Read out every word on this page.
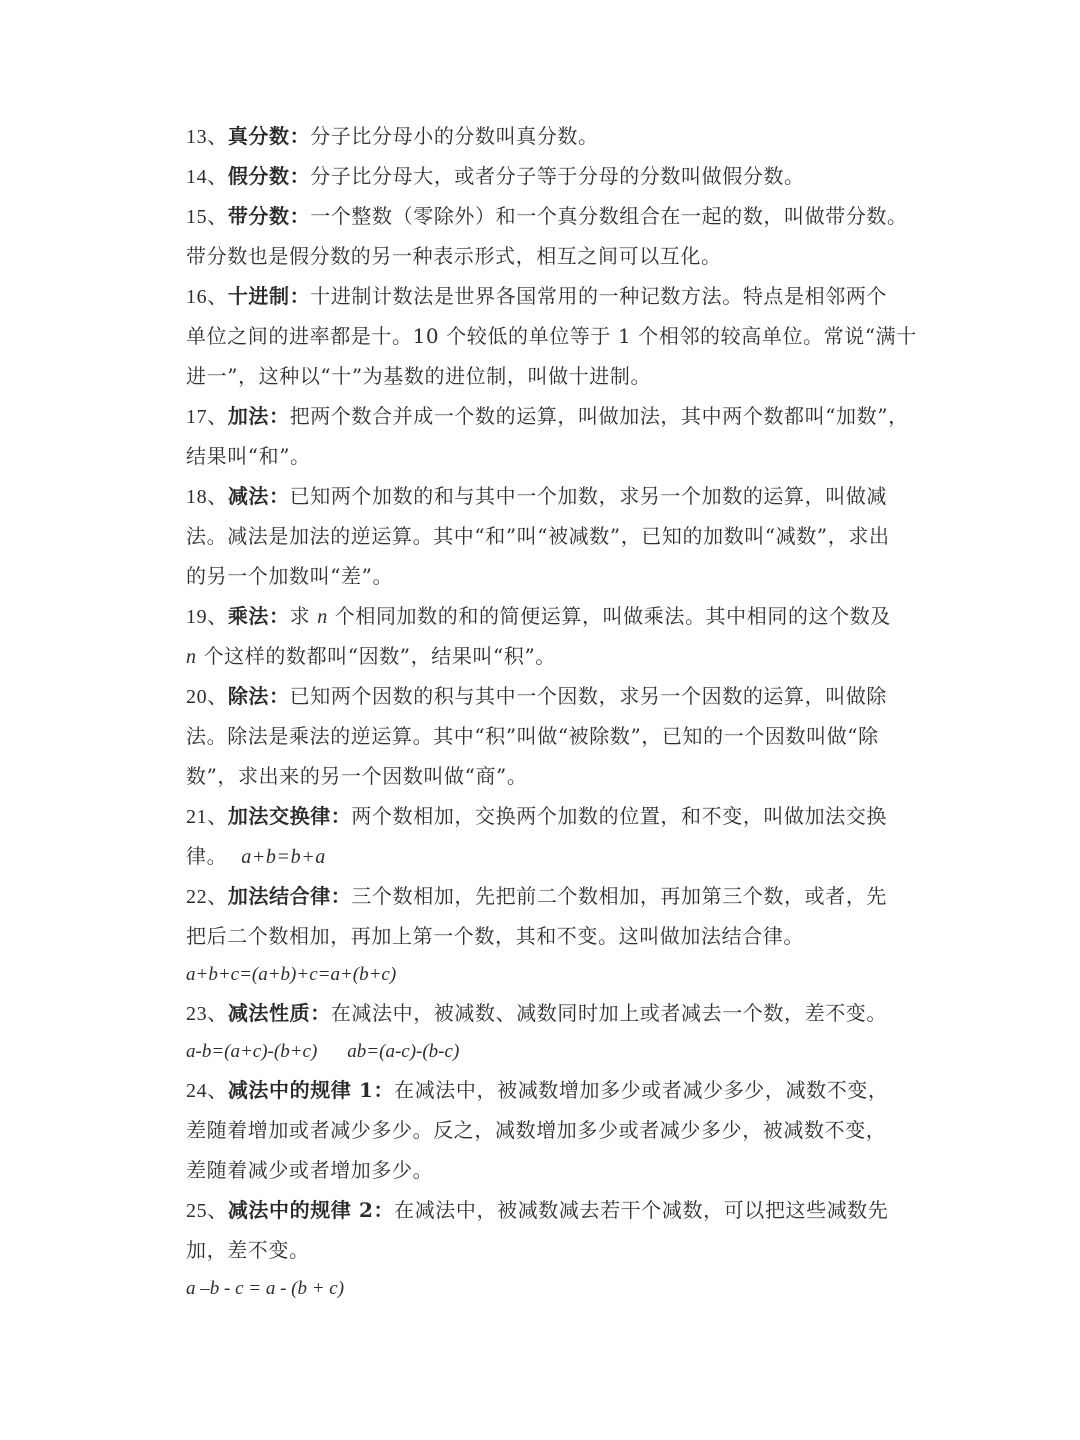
13、真分数：分子比分母小的分数叫真分数。
14、假分数：分子比分母大，或者分子等于分母的分数叫做假分数。
15、带分数：一个整数（零除外）和一个真分数组合在一起的数，叫做带分数。
带分数也是假分数的另一种表示形式，相互之间可以互化。
16、十进制：十进制计数法是世界各国常用的一种记数方法。特点是相邻两个
单位之间的进率都是十。10 个较低的单位等于 1 个相邻的较高单位。常说“满十
进一”，这种以“十”为基数的进位制，叫做十进制。
17、加法：把两个数合并成一个数的运算，叫做加法，其中两个数都叫“加数”，
结果叫“和”。
18、减法：已知两个加数的和与其中一个加数，求另一个加数的运算，叫做减
法。减法是加法的逆运算。其中“和”叫“被减数”，已知的加数叫“减数”，求出
的另一个加数叫“差”。
19、乘法：求 n 个相同加数的和的简便运算，叫做乘法。其中相同的这个数及
n 个这样的数都叫“因数”，结果叫“积”。
20、除法：已知两个因数的积与其中一个因数，求另一个因数的运算，叫做除
法。除法是乘法的逆运算。其中“积”叫做“被除数”，已知的一个因数叫做“除
数”，求出来的另一个因数叫做“商”。
21、加法交换律：两个数相加，交换两个加数的位置，和不变，叫做加法交换
律。 a+b=b+a
22、加法结合律：三个数相加，先把前二个数相加，再加第三个数，或者，先
把后二个数相加，再加上第一个数，其和不变。这叫做加法结合律。
a+b+c=(a+b)+c=a+(b+c)
23、减法性质：在减法中，被减数、减数同时加上或者减去一个数，差不变。
a-b=(a+c)-(b+c) ab=(a-c)-(b-c)
24、减法中的规律 1：在减法中，被减数增加多少或者减少多少，减数不变，
差随着增加或者减少多少。反之，减数增加多少或者减少多少，被减数不变，
差随着减少或者增加多少。
25、减法中的规律 2：在减法中，被减数减去若干个减数，可以把这些减数先
加，差不变。
a –b - c = a - (b + c)
